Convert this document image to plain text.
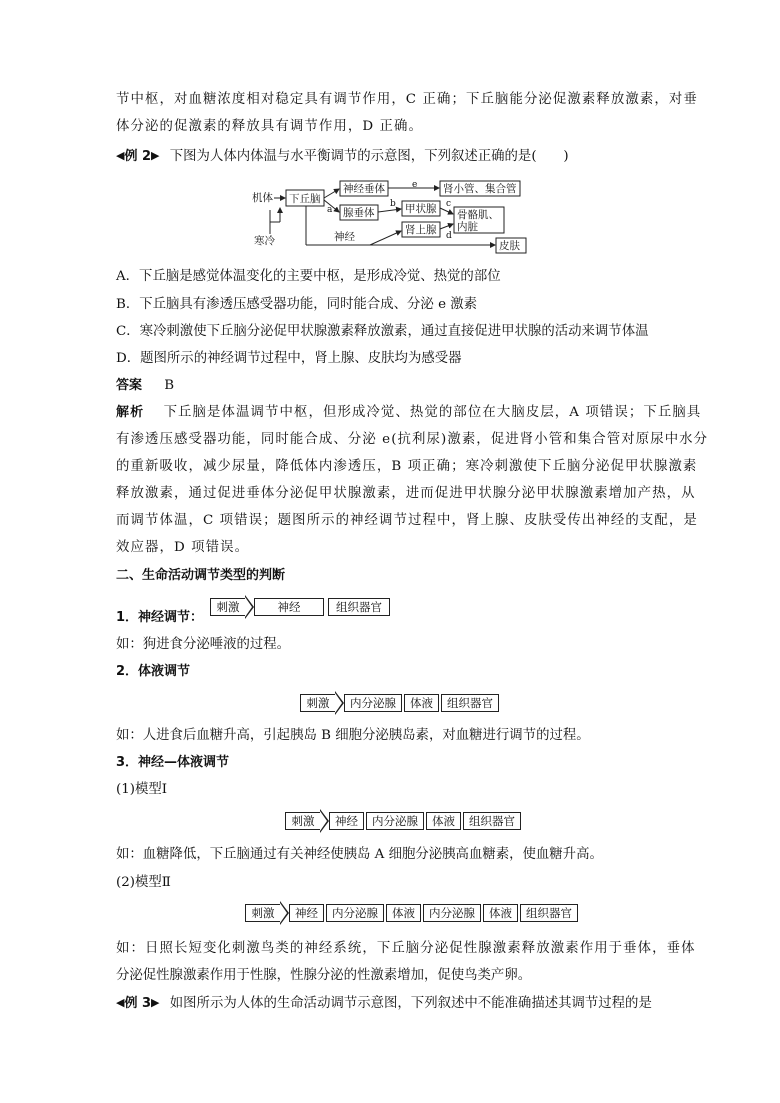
节中枢，对血糖浓度相对稳定具有调节作用，C 正确；下丘脑能分泌促激素释放激素，对垂
体分泌的促激素的释放具有调节作用，D 正确。
◀例 2▶ 下图为人体内体温与水平衡调节的示意图，下列叙述正确的是(　　)
机体 下丘脑
神经垂体	肾小管、集合管
腺垂体	甲状腺 骨骼肌、
内脏
肾上腺
皮肤
寒冷	神经
e
a
b	c
d
A．下丘脑是感觉体温变化的主要中枢，是形成冷觉、热觉的部位
B．下丘脑具有渗透压感受器功能，同时能合成、分泌 e 激素
C．寒冷刺激使下丘脑分泌促甲状腺激素释放激素，通过直接促进甲状腺的活动来调节体温
D．题图所示的神经调节过程中，肾上腺、皮肤均为感受器
答案 B
解析 下丘脑是体温调节中枢，但形成冷觉、热觉的部位在大脑皮层，A 项错误；下丘脑具
有渗透压感受器功能，同时能合成、分泌 e(抗利尿)激素，促进肾小管和集合管对原尿中水分
的重新吸收，减少尿量，降低体内渗透压，B 项正确；寒冷刺激使下丘脑分泌促甲状腺激素
释放激素，通过促进垂体分泌促甲状腺激素，进而促进甲状腺分泌甲状腺激素增加产热，从
而调节体温，C 项错误；题图所示的神经调节过程中，肾上腺、皮肤受传出神经的支配，是
效应器，D 项错误。
二、生命活动调节类型的判断
1．神经调节：
刺激	神经	组织器官
如：狗进食分泌唾液的过程。
2．体液调节
刺激	内分泌腺	体液	组织器官
如：人进食后血糖升高，引起胰岛 B 细胞分泌胰岛素，对血糖进行调节的过程。
3．神经—体液调节
(1)模型Ⅰ
刺激	神经	内分泌腺	体液	组织器官
如：血糖降低，下丘脑通过有关神经使胰岛 A 细胞分泌胰高血糖素，使血糖升高。
(2)模型Ⅱ
刺激	神经	内分泌腺	体液	内分泌腺	体液	组织器官
如：日照长短变化刺激鸟类的神经系统，下丘脑分泌促性腺激素释放激素作用于垂体，垂体
分泌促性腺激素作用于性腺，性腺分泌的性激素增加，促使鸟类产卵。
◀例 3▶ 如图所示为人体的生命活动调节示意图，下列叙述中不能准确描述其调节过程的是
